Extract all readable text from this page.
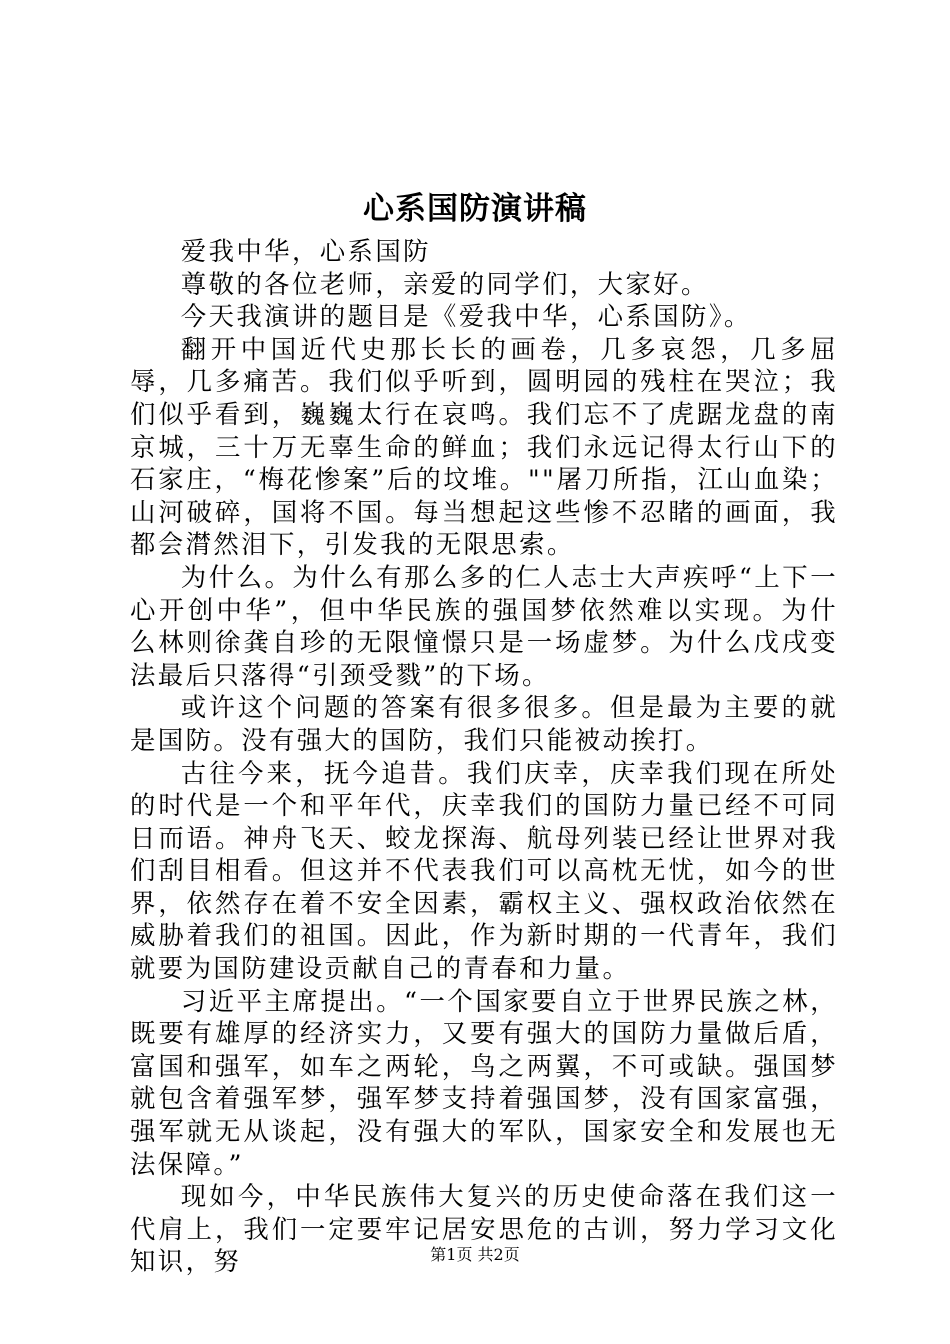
心系国防演讲稿

爱我中华，心系国防

尊敬的各位老师，亲爱的同学们，大家好。

今天我演讲的题目是《爱我中华，心系国防》。

翻开中国近代史那长长的画卷，几多哀怨，几多屈辱，几多痛苦。我们似乎听到，圆明园的残柱在哭泣；我们似乎看到，巍巍太行在哀鸣。我们忘不了虎踞龙盘的南京城，三十万无辜生命的鲜血；我们永远记得太行山下的石家庄，“梅花惨案”后的坟堆。""屠刀所指，江山血染；山河破碎，国将不国。每当想起这些惨不忍睹的画面，我都会潸然泪下，引发我的无限思索。

为什么。为什么有那么多的仁人志士大声疾呼“上下一心开创中华”，但中华民族的强国梦依然难以实现。为什么林则徐龚自珍的无限憧憬只是一场虚梦。为什么戊戌变法最后只落得“引颈受戮”的下场。

或许这个问题的答案有很多很多。但是最为主要的就是国防。没有强大的国防，我们只能被动挨打。

古往今来，抚今追昔。我们庆幸，庆幸我们现在所处的时代是一个和平年代，庆幸我们的国防力量已经不可同日而语。神舟飞天、蛟龙探海、航母列装已经让世界对我们刮目相看。但这并不代表我们可以高枕无忧，如今的世界，依然存在着不安全因素，霸权主义、强权政治依然在威胁着我们的祖国。因此，作为新时期的一代青年，我们就要为国防建设贡献自己的青春和力量。

习近平主席提出。“一个国家要自立于世界民族之林，既要有雄厚的经济实力，又要有强大的国防力量做后盾，富国和强军，如车之两轮，鸟之两翼，不可或缺。强国梦就包含着强军梦，强军梦支持着强国梦，没有国家富强，强军就无从谈起，没有强大的军队，国家安全和发展也无法保障。”

现如今，中华民族伟大复兴的历史使命落在我们这一代肩上，我们一定要牢记居安思危的古训，努力学习文化知识，努	第1页 共2页
